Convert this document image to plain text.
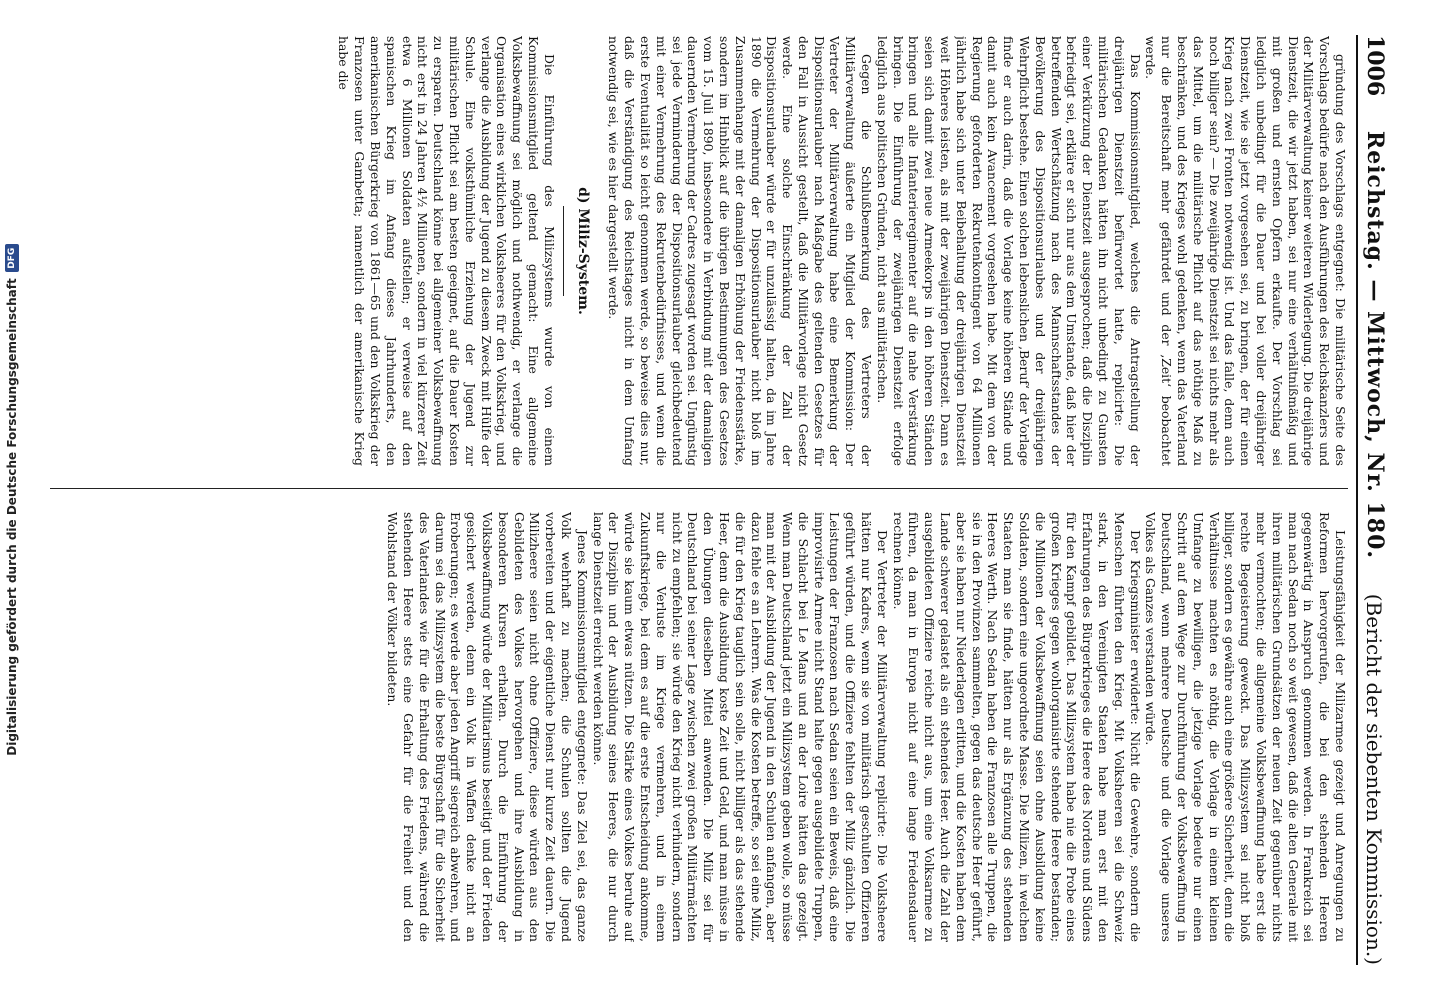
1006
Reichstag. — Mittwoch, Nr. 180.
(Bericht der siebenten Kommission.)

gründung des Vorschlags entgegnet: Die militärische Seite des Vorschlags bedürfe nach den Ausführungen des Reichskanzlers und der Militärverwaltung keiner weiteren Widerlegung. Die dreijährige Dienstzeit, die wir jetzt haben, sei nur eine verhältnißmäßig und mit großen und ernsten Opfern erkaufte. Der Vorschlag sei lediglich unbedingt für die Dauer und bei voller dreijähriger Dienstzeit, wie sie jetzt vorgesehen sei, zu bringen, der für einen Krieg nach zwei Fronten notwendig ist. Und das falle, denn auch noch billiger sein? — Die zweijährige Dienstzeit sei nichts mehr als das Mittel, um die militärische Pflicht auf das nöthige Maß zu beschränken, und des Krieges wohl gedenken, wenn das Vaterland nur die Bereitschaft mehr gefährdet und der ‚Zeit‘ beobachtet werde.

Das Kommissionsmitglied, welches die Antragstellung der dreijährigen Dienstzeit befürwortet hatte, replicirte: Die militärischen Gedanken hätten ihn nicht unbedingt zu Gunsten einer Verkürzung der Dienstzeit ausgesprochen; daß die Disziplin befriedigt sei, erkläre er sich nur aus dem Umstande, daß hier der betreffenden Wertschätzung nach des Mannschaftsstandes der Bevölkerung des Dispositionsurlaubes und der dreijährigen Wehrpflicht bestehe. Einen solchen lebenslichen ‚Beruf‘ der Vorlage finde er auch darin, daß die Vorlage keine höheren Stände und damit auch kein Avancement vorgesehen habe. Mit dem von der Regierung geforderten Rekrutenkontingent von 64 Millionen jährlich habe sich unter Beibehaltung der dreijährigen Dienstzeit weit Höheres leisten, als mit der zweijährigen Dienstzeit. Dann es seien sich damit zwei neue Armeekorps in den höheren Ständen bringen und alle Infanterieregimenter auf die nahe Verstärkung bringen. Die Einführung der zweijährigen Dienstzeit erfolge lediglich aus politischen Gründen, nicht aus militärischen.

Gegen die Schlußbemerkung des Vertreters der Militärverwaltung äußerte ein Mitglied der Kommission: Der Vertreter der Militärverwaltung habe eine Bemerkung der Dispositionsurlauber nach Maßgabe des geltenden Gesetzes für den Fall in Aussicht gestellt, daß die Militärvorlage nicht Gesetz werde. Eine solche Einschränkung der Zahl der Dispositionsurlauber würde er für unzulässig halten, da im Jahre 1890 die Vermehrung der Dispositionsurlauber nicht bloß im Zusammenhange mit der damaligen Erhöhung der Friedensstärke, sondern im Hinblick auf die übrigen Bestimmungen des Gesetzes vom 15. Juli 1890, insbesondere in Verbindung mit der damaligen dauernden Vermehrung der Cadres zugesagt worden sei. Ungünstig sei jede Verminderung der Dispositionsurlauber gleichbedeutend mit einer Vermehrung des Rekrutenbedürfnisses, und wenn die erste Eventualität so leicht genommen werde, so beweise dies nur, daß die Verständigung des Reichstages nicht in dem Umfang notwendig sei, wie es hier dargestellt werde.

d) Miliz-System.

Die Einführung des Milizsystems wurde von einem Kommissionsmitglied geltend gemacht: Eine allgemeine Volksbewaffnung sei möglich und nothwendig, er verlange die Organisation eines wirklichen Volksheeres für den Volkskrieg, und verlange die Ausbildung der Jugend zu diesem Zweck mit Hülfe der Schule. Eine volksthümliche Erziehung der Jugend zur militärischen Pflicht sei am besten geeignet, auf die Dauer Kosten zu ersparen. Deutschland könne bei allgemeiner Volksbewaffnung nicht erst in 24 Jahren 4½ Millionen, sondern in viel kürzerer Zeit etwa 6 Millionen Soldaten aufstellen; er verweise auf den spanischen Krieg im Anfang dieses Jahrhunderts, den amerikanischen Bürgerkrieg von 1861—65 und den Volkskrieg der Franzosen unter Gambetta; namentlich der amerikanische Krieg habe die

Leistungsfähigkeit der Milizarmee gezeigt und Anregungen zu Reformen hervorgerufen, die bei den stehenden Heeren gegenwärtig in Anspruch genommen werden. In Frankreich sei man nach Sedan noch so weit gewesen, daß die alten Generale mit ihren militärischen Grundsätzen der neuen Zeit gegenüber nichts mehr vermochten; die allgemeine Volksbewaffnung habe erst die rechte Begeisterung geweckt. Das Milizsystem sei nicht bloß billiger, sondern es gewähre auch eine größere Sicherheit, denn die Verhältnisse machten es nöthig, die Vorlage in einem kleinen Umfange zu bewilligen, die jetzige Vorlage bedeute nur einen Schritt auf dem Wege zur Durchführung der Volksbewaffnung in Deutschland, wenn mehrere Deutsche und die Vorlage unseres Volkes als Ganzes verstanden würde.

Der Kriegsminister erwiderte: Nicht die Gewehre, sondern die Menschen führten den Krieg. Mit Volksheeren sei die Schweiz stark, in den Vereinigten Staaten habe man erst mit den Erfahrungen des Bürgerkrieges die Heere des Nordens und Südens für den Kampf gebildet. Das Milizsystem habe nie die Probe eines großen Krieges gegen wohlorganisirte stehende Heere bestanden; die Millionen der Volksbewaffnung seien ohne Ausbildung keine Soldaten, sondern eine ungeordnete Masse. Die Milizen, in welchen Staaten man sie finde, hätten nur als Ergänzung des stehenden Heeres Werth. Nach Sedan haben die Franzosen alle Truppen, die sie in den Provinzen sammelten, gegen das deutsche Heer geführt, aber sie haben nur Niederlagen erlitten, und die Kosten haben dem Lande schwerer gelastet als ein stehendes Heer. Auch die Zahl der ausgebildeten Offiziere reiche nicht aus, um eine Volksarmee zu führen, da man in Europa nicht auf eine lange Friedensdauer rechnen könne.

Der Vertreter der Militärverwaltung replicirte: Die Volksheere hätten nur Kadres, wenn sie von militärisch geschulten Offizieren geführt würden, und die Offiziere fehlten der Miliz gänzlich. Die Leistungen der Franzosen nach Sedan seien ein Beweis, daß eine improvisirte Armee nicht Stand halte gegen ausgebildete Truppen, die Schlacht bei Le Mans und an der Loire hätten das gezeigt. Wenn man Deutschland jetzt ein Milizsystem geben wolle, so müsse man mit der Ausbildung der Jugend in den Schulen anfangen, aber dazu fehle es an Lehrern. Was die Kosten betreffe, so sei eine Miliz, die für den Krieg tauglich sein solle, nicht billiger als das stehende Heer, denn die Ausbildung koste Zeit und Geld, und man müsse in den Übungen dieselben Mittel anwenden. Die Miliz sei für Deutschland bei seiner Lage zwischen zwei großen Militärmächten nicht zu empfehlen; sie würde den Krieg nicht verhindern, sondern nur die Verluste im Kriege vermehren, und in einem Zukunftskriege, bei dem es auf die erste Entscheidung ankomme, würde sie kaum etwas nützen. Die Stärke eines Volkes beruhe auf der Disziplin und der Ausbildung seines Heeres, die nur durch lange Dienstzeit erreicht werden könne.

Jenes Kommissionsmitglied entgegnete: Das Ziel sei, das ganze Volk wehrhaft zu machen; die Schulen sollten die Jugend vorbereiten und der eigentliche Dienst nur kurze Zeit dauern. Die Milizheere seien nicht ohne Offiziere, diese würden aus den Gebildeten des Volkes hervorgehen und ihre Ausbildung in besonderen Kursen erhalten. Durch die Einführung der Volksbewaffnung würde der Militarismus beseitigt und der Frieden gesichert werden, denn ein Volk in Waffen denke nicht an Eroberungen; es werde aber jeden Angriff siegreich abwehren, und darum sei das Milizsystem die beste Bürgschaft für die Sicherheit des Vaterlandes wie für die Erhaltung des Friedens, während die stehenden Heere stets eine Gefahr für die Freiheit und den Wohlstand der Völker bildeten.

Digitalisierung gefördert durch die Deutsche Forschungsgemeinschaft
DFG
